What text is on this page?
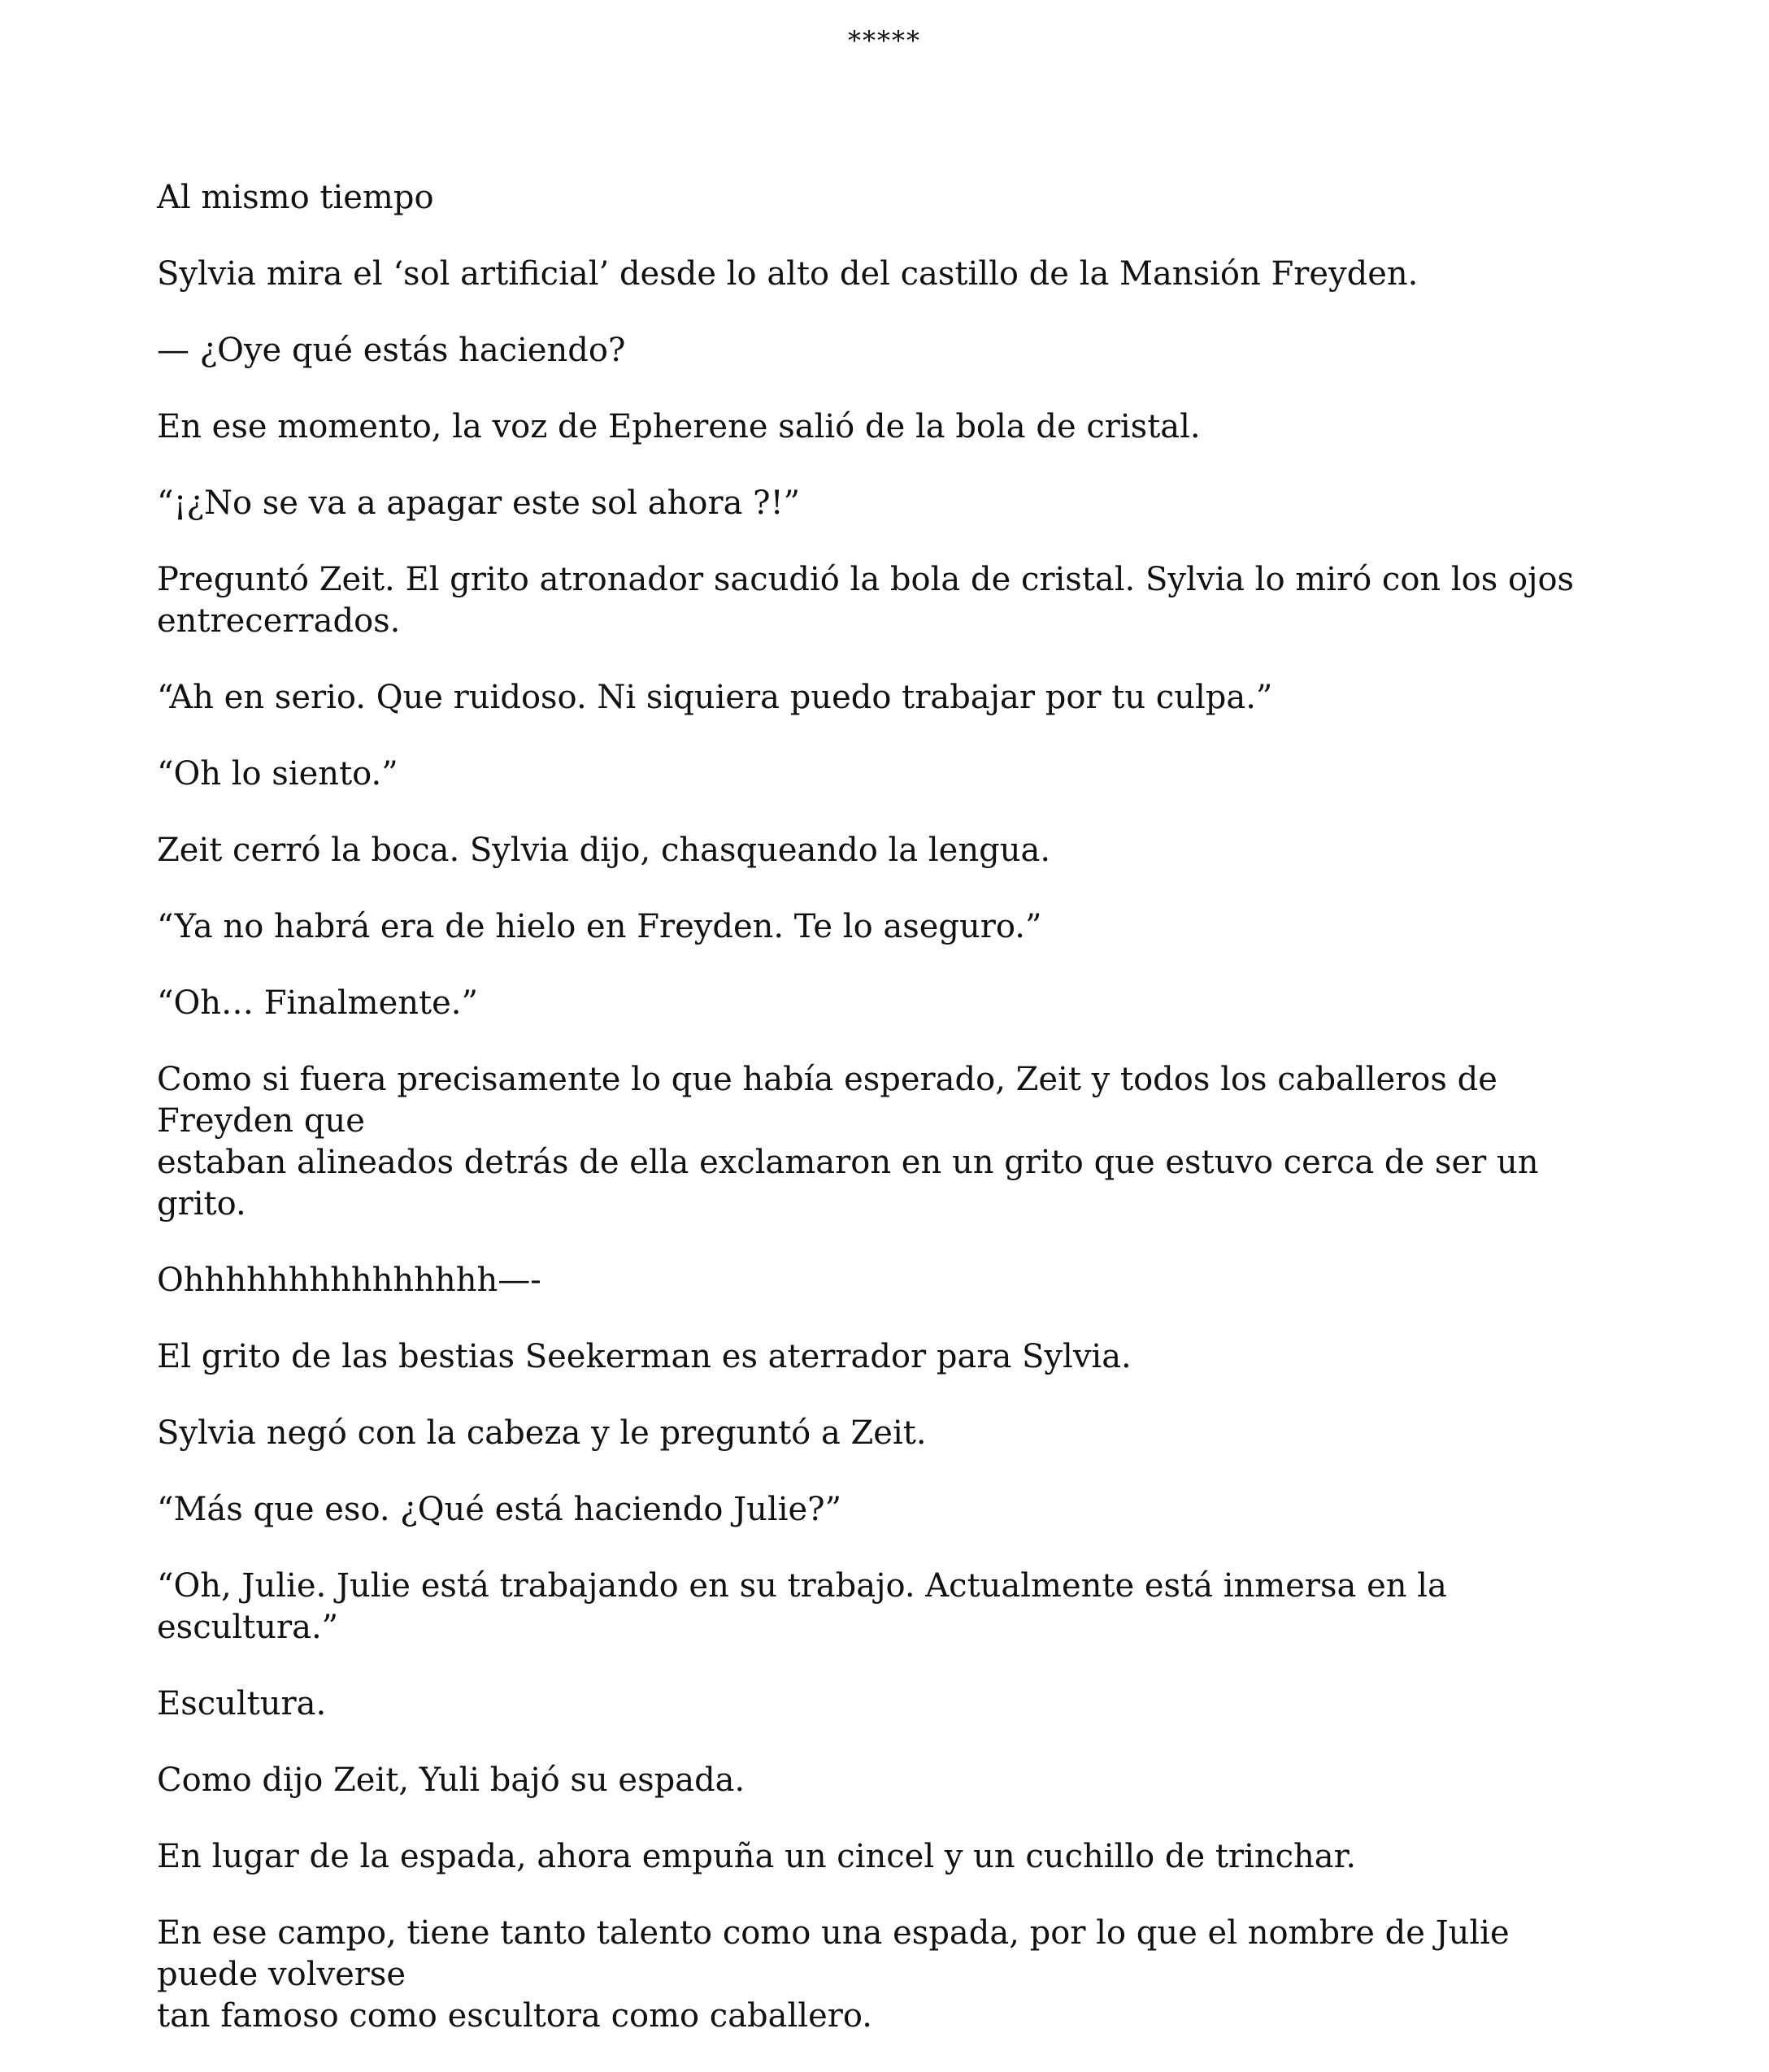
*****

Al mismo tiempo

Sylvia mira el ‘sol artificial’ desde lo alto del castillo de la Mansión Freyden.

— ¿Oye qué estás haciendo?

En ese momento, la voz de Epherene salió de la bola de cristal.

“¡¿No se va a apagar este sol ahora ?!”

Preguntó Zeit. El grito atronador sacudió la bola de cristal. Sylvia lo miró con los ojos
entrecerrados.

“Ah en serio. Que ruidoso. Ni siquiera puedo trabajar por tu culpa.”

“Oh lo siento.”

Zeit cerró la boca. Sylvia dijo, chasqueando la lengua.

“Ya no habrá era de hielo en Freyden. Te lo aseguro.”

“Oh… Finalmente.”

Como si fuera precisamente lo que había esperado, Zeit y todos los caballeros de Freyden que
estaban alineados detrás de ella exclamaron en un grito que estuvo cerca de ser un grito.

Ohhhhhhhhhhhhhhh—-

El grito de las bestias Seekerman es aterrador para Sylvia.

Sylvia negó con la cabeza y le preguntó a Zeit.

“Más que eso. ¿Qué está haciendo Julie?”

“Oh, Julie. Julie está trabajando en su trabajo. Actualmente está inmersa en la escultura.”

Escultura.

Como dijo Zeit, Yuli bajó su espada.

En lugar de la espada, ahora empuña un cincel y un cuchillo de trinchar.

En ese campo, tiene tanto talento como una espada, por lo que el nombre de Julie puede volverse
tan famoso como escultora como caballero.
